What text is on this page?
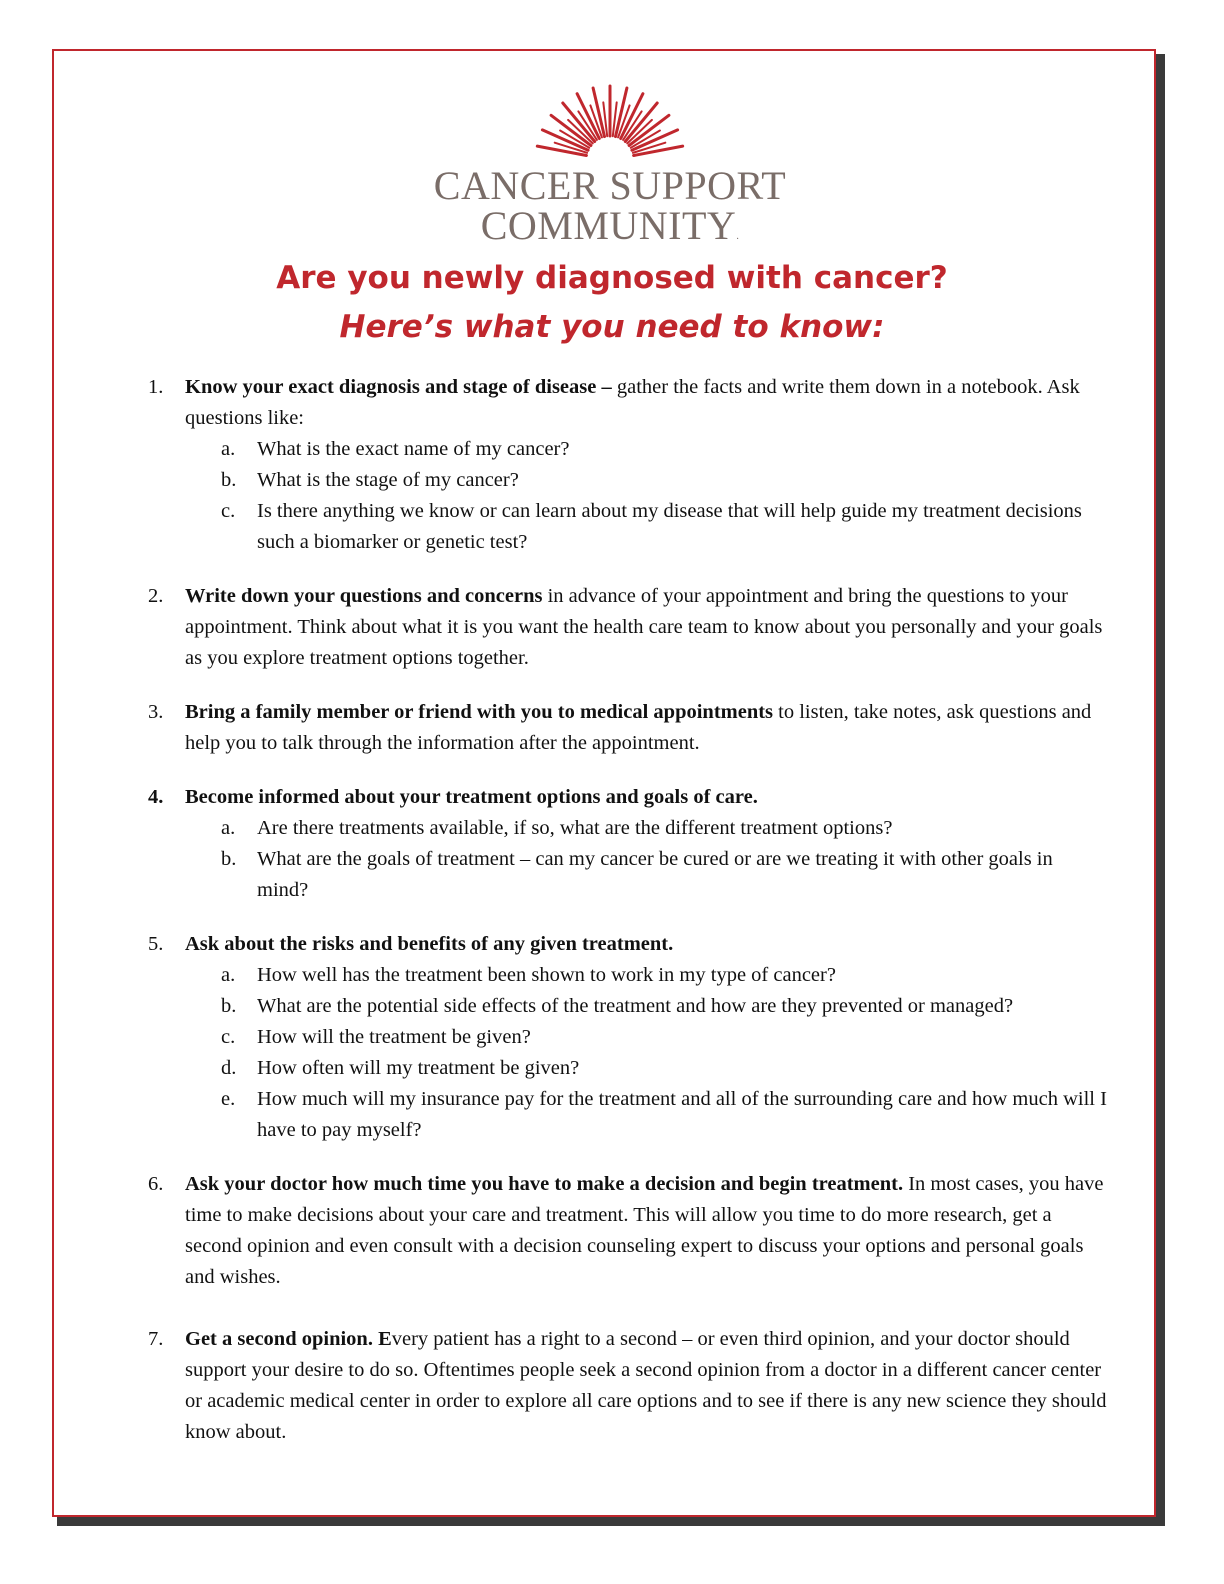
CANCER SUPPORT
COMMUNITY.
Are you newly diagnosed with cancer?
Here’s what you need to know:
1. Know your exact diagnosis and stage of disease – gather the facts and write them down in a notebook. Ask questions like:
a. What is the exact name of my cancer?
b. What is the stage of my cancer?
c. Is there anything we know or can learn about my disease that will help guide my treatment decisions such a biomarker or genetic test?
2. Write down your questions and concerns in advance of your appointment and bring the questions to your appointment. Think about what it is you want the health care team to know about you personally and your goals as you explore treatment options together.
3. Bring a family member or friend with you to medical appointments to listen, take notes, ask questions and help you to talk through the information after the appointment.
4. Become informed about your treatment options and goals of care.
a. Are there treatments available, if so, what are the different treatment options?
b. What are the goals of treatment – can my cancer be cured or are we treating it with other goals in mind?
5. Ask about the risks and benefits of any given treatment.
a. How well has the treatment been shown to work in my type of cancer?
b. What are the potential side effects of the treatment and how are they prevented or managed?
c. How will the treatment be given?
d. How often will my treatment be given?
e. How much will my insurance pay for the treatment and all of the surrounding care and how much will I have to pay myself?
6. Ask your doctor how much time you have to make a decision and begin treatment. In most cases, you have time to make decisions about your care and treatment. This will allow you time to do more research, get a second opinion and even consult with a decision counseling expert to discuss your options and personal goals and wishes.
7. Get a second opinion. Every patient has a right to a second – or even third opinion, and your doctor should support your desire to do so. Oftentimes people seek a second opinion from a doctor in a different cancer center or academic medical center in order to explore all care options and to see if there is any new science they should know about.
